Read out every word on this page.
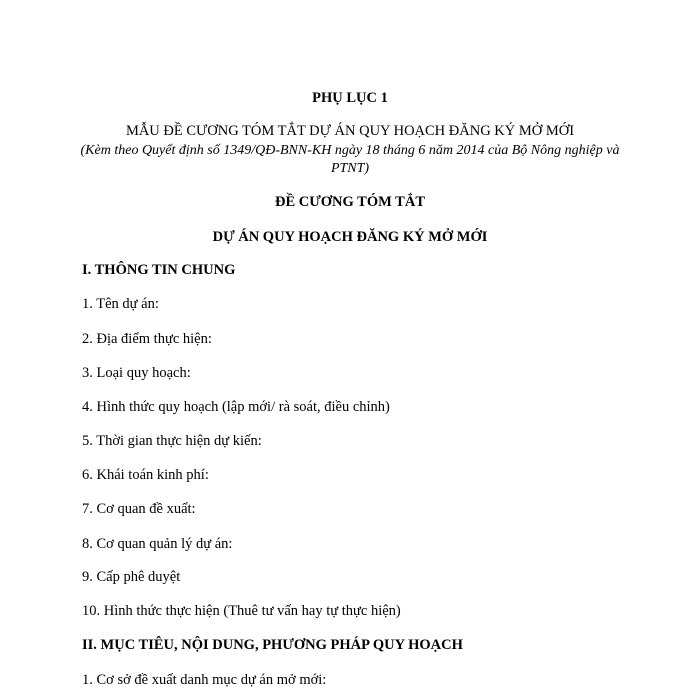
PHỤ LỤC 1
MẪU ĐỀ CƯƠNG TÓM TẮT DỰ ÁN QUY HOẠCH ĐĂNG KÝ MỞ MỚI
(Kèm theo Quyết định số 1349/QĐ-BNN-KH ngày 18 tháng 6 năm 2014 của Bộ Nông nghiệp và PTNT)
ĐỀ CƯƠNG TÓM TẮT
DỰ ÁN QUY HOẠCH ĐĂNG KÝ MỞ MỚI
I. THÔNG TIN CHUNG
1. Tên dự án:
2. Địa điểm thực hiện:
3. Loại quy hoạch:
4. Hình thức quy hoạch (lập mới/ rà soát, điều chỉnh)
5. Thời gian thực hiện dự kiến:
6. Khái toán kinh phí:
7. Cơ quan đề xuất:
8. Cơ quan quản lý dự án:
9. Cấp phê duyệt
10. Hình thức thực hiện (Thuê tư vấn hay tự thực hiện)
II. MỤC TIÊU, NỘI DUNG, PHƯƠNG PHÁP QUY HOẠCH
1. Cơ sở đề xuất danh mục dự án mở mới:
